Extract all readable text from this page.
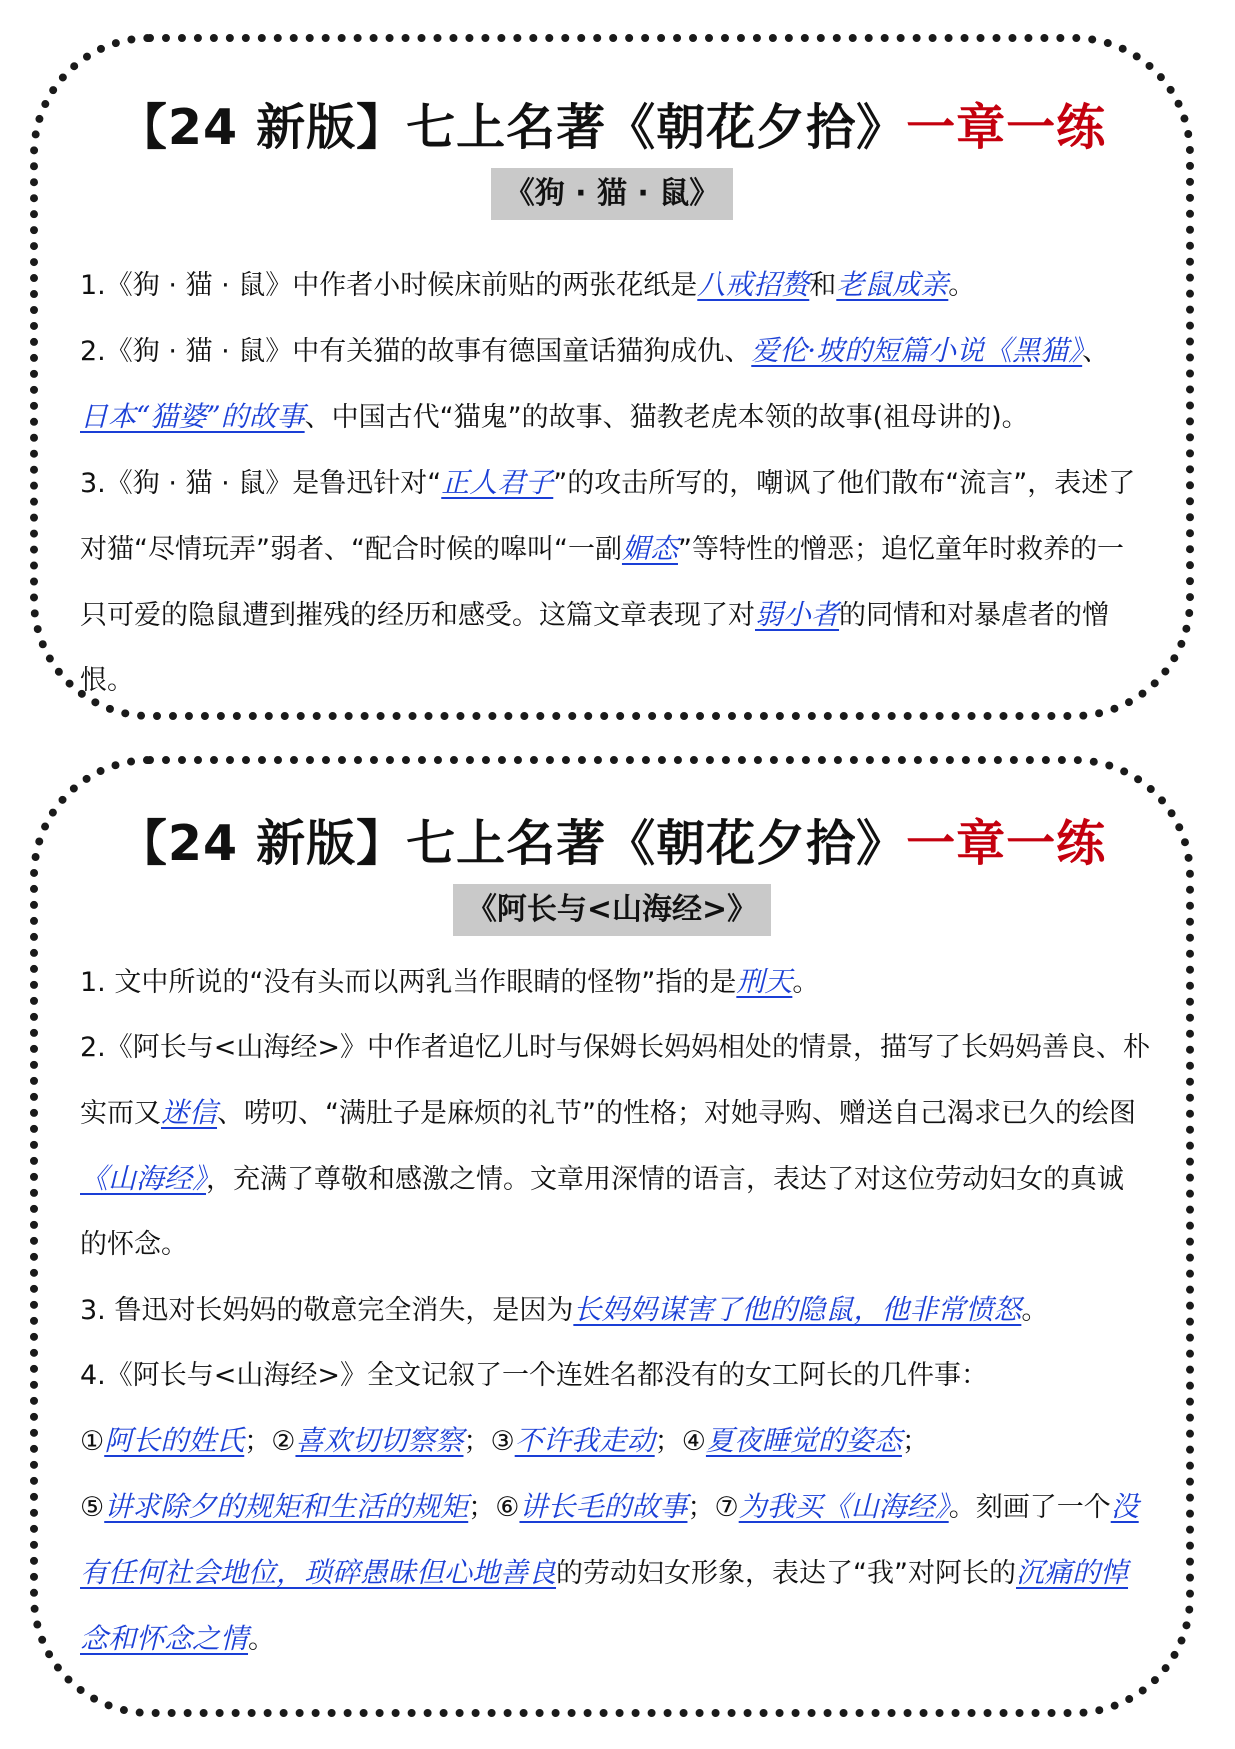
【24 新版】七上名著《朝花夕拾》一章一练
《狗 · 猫 · 鼠》

1.《狗 · 猫 · 鼠》中作者小时候床前贴的两张花纸是八戒招赘和老鼠成亲。

2.《狗 · 猫 · 鼠》中有关猫的故事有德国童话猫狗成仇、爱伦·坡的短篇小说《黑猫》、
日本“猫婆”的故事、中国古代“猫鬼”的故事、猫教老虎本领的故事(祖母讲的)。

3.《狗 · 猫 · 鼠》是鲁迅针对“正人君子”的攻击所写的，嘲讽了他们散布“流言”，表述了对猫“尽情玩弄”弱者、“配合时候的嗥叫“一副媚态”等特性的憎恶；追忆童年时救养的一只可爱的隐鼠遭到摧残的经历和感受。这篇文章表现了对弱小者的同情和对暴虐者的憎恨。

【24 新版】七上名著《朝花夕拾》一章一练
《阿长与<山海经>》

1. 文中所说的“没有头而以两乳当作眼睛的怪物”指的是刑天。

2.《阿长与<山海经>》中作者追忆儿时与保姆长妈妈相处的情景，描写了长妈妈善良、朴实而又迷信、唠叨、“满肚子是麻烦的礼节”的性格；对她寻购、赠送自己渴求已久的绘图《山海经》，充满了尊敬和感激之情。文章用深情的语言，表达了对这位劳动妇女的真诚的怀念。

3. 鲁迅对长妈妈的敬意完全消失，是因为长妈妈谋害了他的隐鼠，他非常愤怒。

4.《阿长与<山海经>》全文记叙了一个连姓名都没有的女工阿长的几件事：
①阿长的姓氏；②喜欢切切察察；③不许我走动；④夏夜睡觉的姿态；
⑤讲求除夕的规矩和生活的规矩；⑥讲长毛的故事；⑦为我买《山海经》。刻画了一个没有任何社会地位，琐碎愚昧但心地善良的劳动妇女形象，表达了“我”对阿长的沉痛的悼念和怀念之情。
